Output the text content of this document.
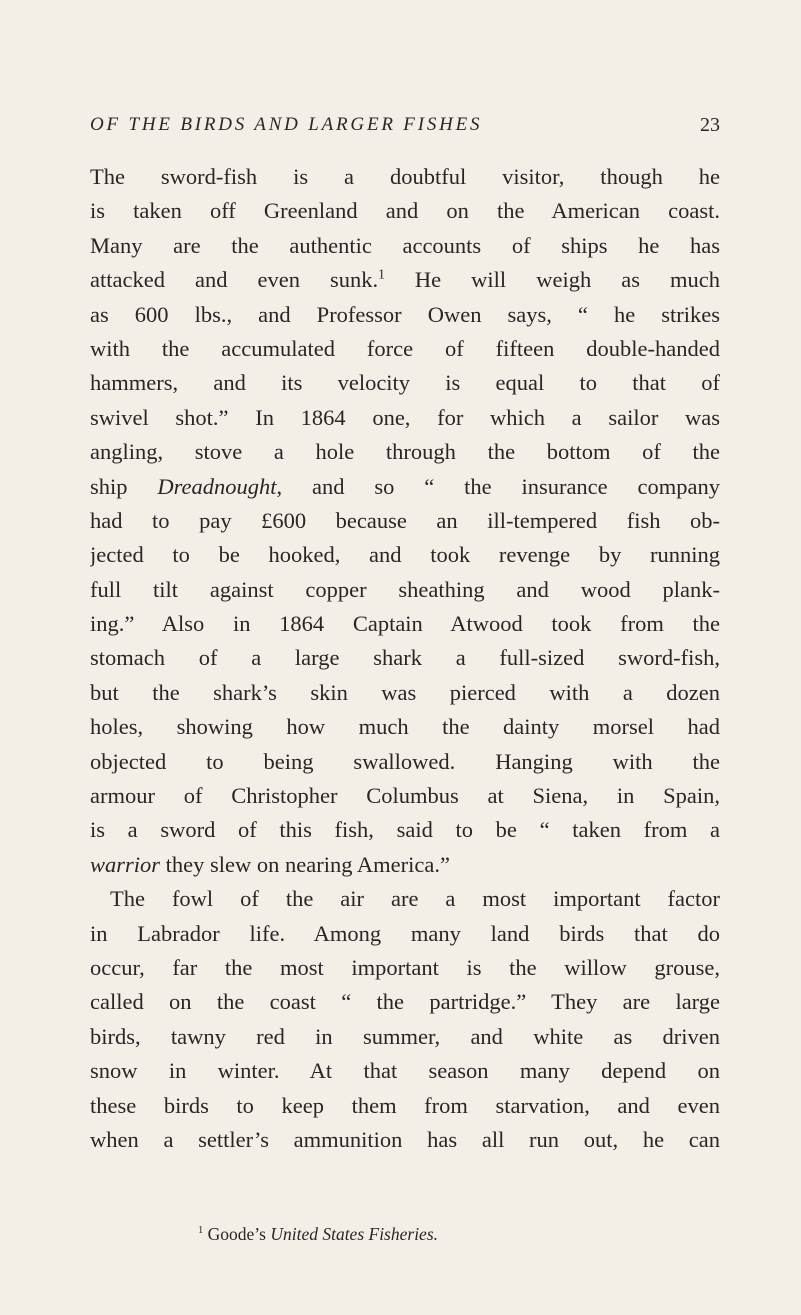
OF THE BIRDS AND LARGER FISHES	23
The sword-fish is a doubtful visitor, though he
is taken off Greenland and on the American coast.
Many are the authentic accounts of ships he has
attacked and even sunk.$^1$ He will weigh as much
as 600 lbs., and Professor Owen says, “ he strikes
with the accumulated force of fifteen double-handed
hammers, and its velocity is equal to that of
swivel shot.” In 1864 one, for which a sailor was
angling, stove a hole through the bottom of the
ship Dreadnought, and so “ the insurance company
had to pay £600 because an ill-tempered fish ob-
jected to be hooked, and took revenge by running
full tilt against copper sheathing and wood plank-
ing.” Also in 1864 Captain Atwood took from the
stomach of a large shark a full-sized sword-fish,
but the shark’s skin was pierced with a dozen
holes, showing how much the dainty morsel had
objected to being swallowed. Hanging with the
armour of Christopher Columbus at Siena, in Spain,
is a sword of this fish, said to be “ taken from a
warrior they slew on nearing America.”
The fowl of the air are a most important factor
in Labrador life. Among many land birds that do
occur, far the most important is the willow grouse,
called on the coast “ the partridge.” They are large
birds, tawny red in summer, and white as driven
snow in winter. At that season many depend on
these birds to keep them from starvation, and even
when a settler’s ammunition has all run out, he can
$^1$ Goode’s United States Fisheries.
